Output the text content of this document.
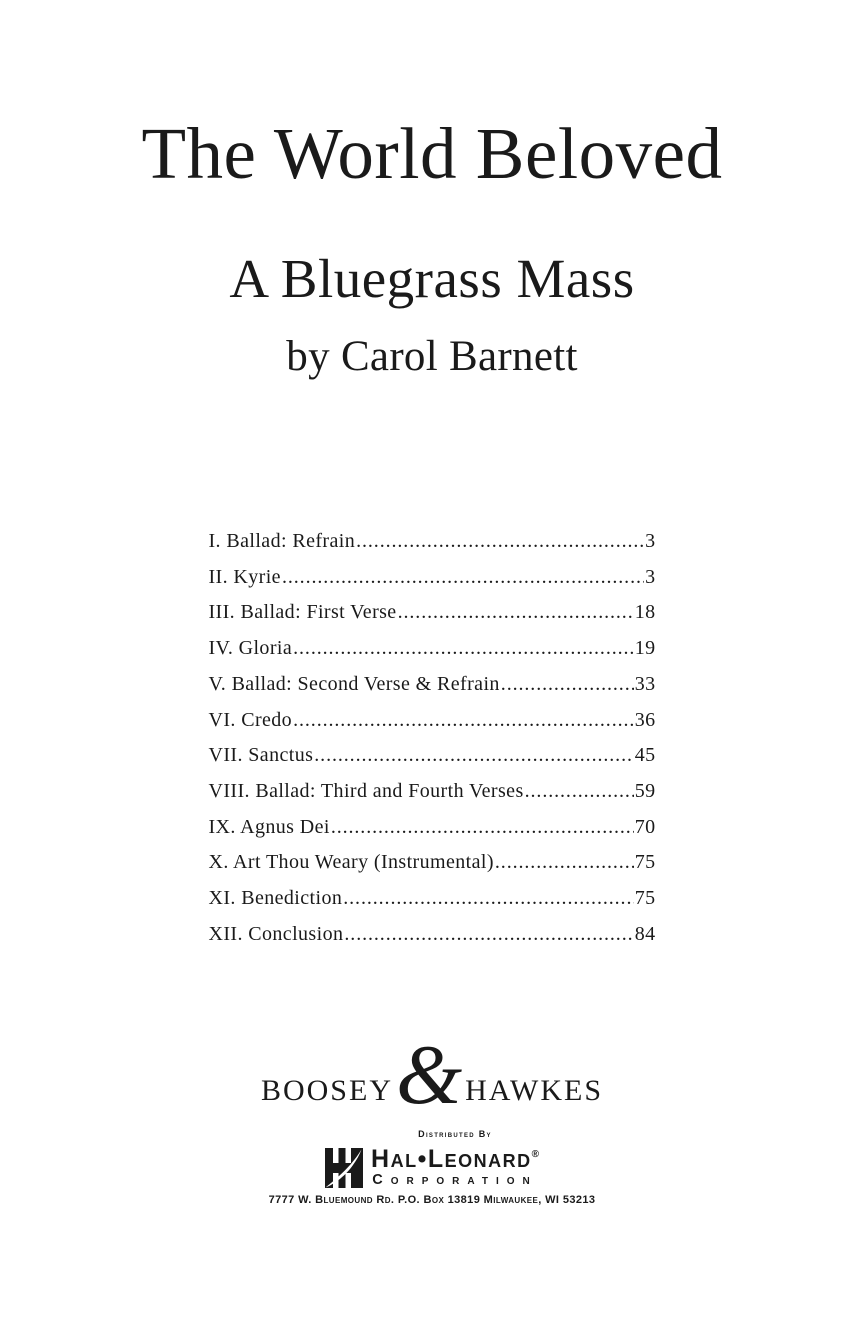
The World Beloved
A Bluegrass Mass
by Carol Barnett
I. Ballad: Refrain .....	3
II. Kyrie .....	3
III. Ballad: First Verse .....	18
IV. Gloria .....	19
V. Ballad: Second Verse & Refrain .....	33
VI. Credo .....	36
VII. Sanctus .....	45
VIII. Ballad: Third and Fourth Verses .....	59
IX. Agnus Dei .....	70
X. Art Thou Weary (Instrumental) .....	75
XI. Benediction .....	75
XII. Conclusion .....	84
BOOSEY & HAWKES
Distributed By
Hal•Leonard®
Corporation
7777 W. Bluemound Rd. P.O. Box 13819 Milwaukee, WI 53213
